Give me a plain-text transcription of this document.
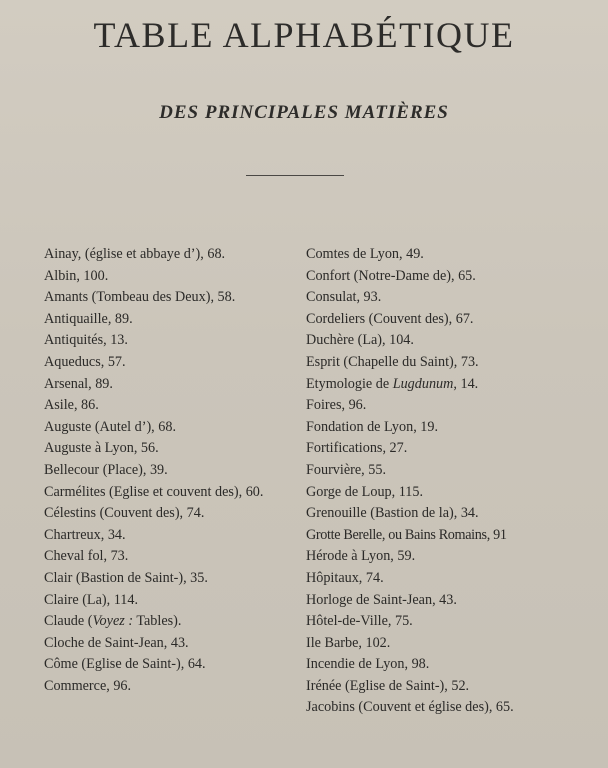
TABLE ALPHABÉTIQUE
DES PRINCIPALES MATIÈRES
Ainay, (église et abbaye d’), 68.
Albin, 100.
Amants (Tombeau des Deux), 58.
Antiquaille, 89.
Antiquités, 13.
Aqueducs, 57.
Arsenal, 89.
Asile, 86.
Auguste (Autel d’), 68.
Auguste à Lyon, 56.
Bellecour (Place), 39.
Carmélites (Eglise et couvent des), 60.
Célestins (Couvent des), 74.
Chartreux, 34.
Cheval fol, 73.
Clair (Bastion de Saint-), 35.
Claire (La), 114.
Claude (Voyez : Tables).
Cloche de Saint-Jean, 43.
Côme (Eglise de Saint-), 64.
Commerce, 96.
Comtes de Lyon, 49.
Confort (Notre-Dame de), 65.
Consulat, 93.
Cordeliers (Couvent des), 67.
Duchère (La), 104.
Esprit (Chapelle du Saint), 73.
Etymologie de Lugdunum, 14.
Foires, 96.
Fondation de Lyon, 19.
Fortifications, 27.
Fourvière, 55.
Gorge de Loup, 115.
Grenouille (Bastion de la), 34.
Grotte Berelle, ou Bains Romains, 91
Hérode à Lyon, 59.
Hôpitaux, 74.
Horloge de Saint-Jean, 43.
Hôtel-de-Ville, 75.
Ile Barbe, 102.
Incendie de Lyon, 98.
Irénée (Eglise de Saint-), 52.
Jacobins (Couvent et église des), 65.
